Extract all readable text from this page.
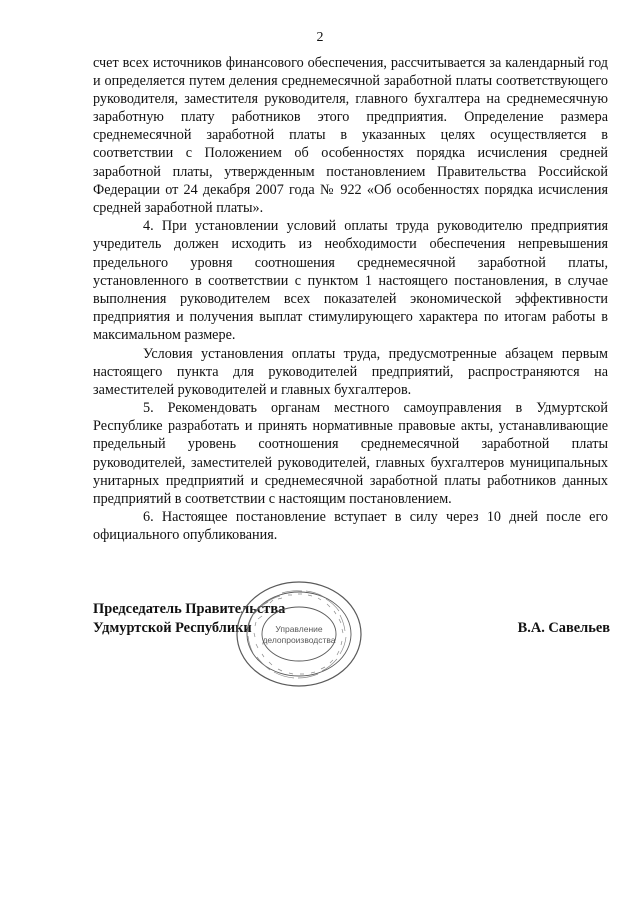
2

счет всех источников финансового обеспечения, рассчитывается за календарный год и определяется путем деления среднемесячной заработной платы соответствующего руководителя, заместителя руководителя, главного бухгалтера на среднемесячную заработную плату работников этого предприятия. Определение размера среднемесячной заработной платы в указанных целях осуществляется в соответствии с Положением об особенностях порядка исчисления средней заработной платы, утвержденным постановлением Правительства Российской Федерации от 24 декабря 2007 года № 922 «Об особенностях порядка исчисления средней заработной платы».

4. При установлении условий оплаты труда руководителю предприятия учредитель должен исходить из необходимости обеспечения непревышения предельного уровня соотношения среднемесячной заработной платы, установленного в соответствии с пунктом 1 настоящего постановления, в случае выполнения руководителем всех показателей экономической эффективности предприятия и получения выплат стимулирующего характера по итогам работы в максимальном размере.

Условия установления оплаты труда, предусмотренные абзацем первым настоящего пункта для руководителей предприятий, распространяются на заместителей руководителей и главных бухгалтеров.

5. Рекомендовать органам местного самоуправления в Удмуртской Республике разработать и принять нормативные правовые акты, устанавливающие предельный уровень соотношения среднемесячной заработной платы руководителей, заместителей руководителей, главных бухгалтеров муниципальных унитарных предприятий и среднемесячной заработной платы работников данных предприятий в соответствии с настоящим постановлением.

6. Настоящее постановление вступает в силу через 10 дней после его официального опубликования.

Председатель Правительства
Удмуртской Республики	В.А. Савельев
Управление
делопроизводства
